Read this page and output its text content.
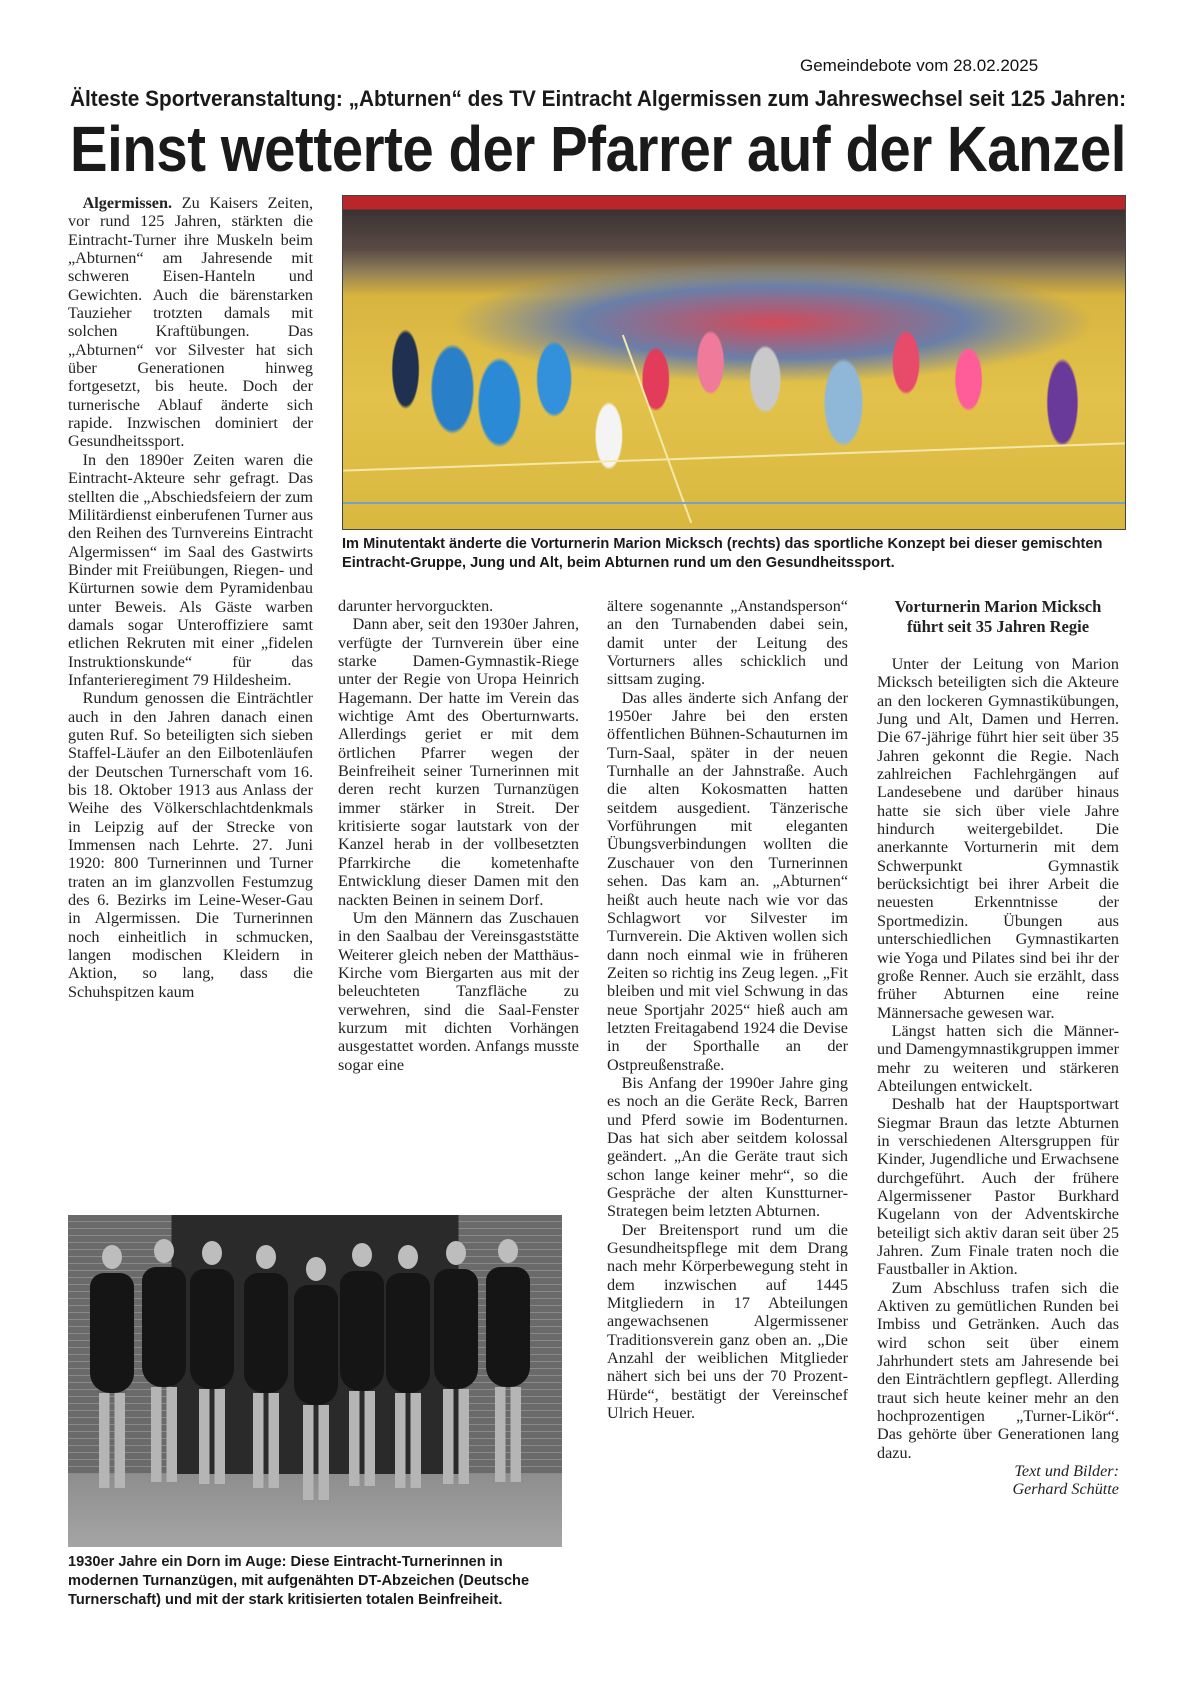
Gemeindebote vom 28.02.2025
Älteste Sportveranstaltung: „Abturnen“ des TV Eintracht Algermissen zum Jahreswechsel seit 125 Jahren:
Einst wetterte der Pfarrer auf der Kanzel

Algermissen. Zu Kaisers Zeiten, vor rund 125 Jahren, stärkten die Eintracht-Turner ihre Muskeln beim „Abturnen“ am Jahresende mit schweren Eisen-Hanteln und Gewichten. Auch die bärenstarken Tauzieher trotzten damals mit solchen Kraftübungen. Das „Abturnen“ vor Silvester hat sich über Generationen hinweg fortgesetzt, bis heute. Doch der turnerische Ablauf änderte sich rapide. Inzwischen dominiert der Gesundheitssport.

In den 1890er Zeiten waren die Eintracht-Akteure sehr gefragt. Das stellten die „Abschiedsfeiern der zum Militärdienst einberufenen Turner aus den Reihen des Turnvereins Eintracht Algermissen“ im Saal des Gastwirts Binder mit Freiübungen, Riegen- und Kürturnen sowie dem Pyramidenbau unter Beweis. Als Gäste warben damals sogar Unteroffiziere samt etlichen Rekruten mit einer „fidelen Instruktionskunde“ für das Infanterieregiment 79 Hildesheim.

Rundum genossen die Einträchtler auch in den Jahren danach einen guten Ruf. So beteiligten sich sieben Staffel-Läufer an den Eilbotenläufen der Deutschen Turnerschaft vom 16. bis 18. Oktober 1913 aus Anlass der Weihe des Völkerschlachtdenkmals in Leipzig auf der Strecke von Immensen nach Lehrte. 27. Juni 1920: 800 Turnerinnen und Turner traten an im glanzvollen Festumzug des 6. Bezirks im Leine-Weser-Gau in Algermissen. Die Turnerinnen noch einheitlich in schmucken, langen modischen Kleidern in Aktion, so lang, dass die Schuhspitzen kaum

Im Minutentakt änderte die Vorturnerin Marion Micksch (rechts) das sportliche Konzept bei dieser gemischten Eintracht-Gruppe, Jung und Alt, beim Abturnen rund um den Gesundheitssport.

darunter hervorguckten.

Dann aber, seit den 1930er Jahren, verfügte der Turnverein über eine starke Damen-Gymnastik-Riege unter der Regie von Uropa Heinrich Hagemann. Der hatte im Verein das wichtige Amt des Oberturnwarts. Allerdings geriet er mit dem örtlichen Pfarrer wegen der Beinfreiheit seiner Turnerinnen mit deren recht kurzen Turnanzügen immer stärker in Streit. Der kritisierte sogar lautstark von der Kanzel herab in der vollbesetzten Pfarrkirche die kometenhafte Entwicklung dieser Damen mit den nackten Beinen in seinem Dorf.

Um den Männern das Zuschauen in den Saalbau der Vereinsgaststätte Weiterer gleich neben der Matthäus-Kirche vom Biergarten aus mit der beleuchteten Tanzfläche zu verwehren, sind die Saal-Fenster kurzum mit dichten Vorhängen ausgestattet worden. Anfangs musste sogar eine

ältere sogenannte „Anstandsperson“ an den Turnabenden dabei sein, damit unter der Leitung des Vorturners alles schicklich und sittsam zuging.

Das alles änderte sich Anfang der 1950er Jahre bei den ersten öffentlichen Bühnen-Schauturnen im Turn-Saal, später in der neuen Turnhalle an der Jahnstraße. Auch die alten Kokosmatten hatten seitdem ausgedient. Tänzerische Vorführungen mit eleganten Übungsverbindungen wollten die Zuschauer von den Turnerinnen sehen. Das kam an. „Abturnen“ heißt auch heute nach wie vor das Schlagwort vor Silvester im Turnverein. Die Aktiven wollen sich dann noch einmal wie in früheren Zeiten so richtig ins Zeug legen. „Fit bleiben und mit viel Schwung in das neue Sportjahr 2025“ hieß auch am letzten Freitagabend 1924 die Devise in der Sporthalle an der Ostpreußenstraße.

Bis Anfang der 1990er Jahre ging es noch an die Geräte Reck, Barren und Pferd sowie im Bodenturnen. Das hat sich aber seitdem kolossal geändert. „An die Geräte traut sich schon lange keiner mehr“, so die Gespräche der alten Kunstturner-Strategen beim letzten Abturnen.

Der Breitensport rund um die Gesundheitspflege mit dem Drang nach mehr Körperbewegung steht in dem inzwischen auf 1445 Mitgliedern in 17 Abteilungen angewachsenen Algermissener Traditionsverein ganz oben an. „Die Anzahl der weiblichen Mitglieder nähert sich bei uns der 70 Prozent-Hürde“, bestätigt der Vereinschef Ulrich Heuer.

Vorturnerin Marion Micksch
führt seit 35 Jahren Regie

Unter der Leitung von Marion Micksch beteiligten sich die Akteure an den lockeren Gymnastikübungen, Jung und Alt, Damen und Herren. Die 67-jährige führt hier seit über 35 Jahren gekonnt die Regie. Nach zahlreichen Fachlehrgängen auf Landesebene und darüber hinaus hatte sie sich über viele Jahre hindurch weitergebildet. Die anerkannte Vorturnerin mit dem Schwerpunkt Gymnastik berücksichtigt bei ihrer Arbeit die neuesten Erkenntnisse der Sportmedizin. Übungen aus unterschiedlichen Gymnastikarten wie Yoga und Pilates sind bei ihr der große Renner. Auch sie erzählt, dass früher Abturnen eine reine Männersache gewesen war.

Längst hatten sich die Männer- und Damengymnastikgruppen immer mehr zu weiteren und stärkeren Abteilungen entwickelt.

Deshalb hat der Hauptsportwart Siegmar Braun das letzte Abturnen in verschiedenen Altersgruppen für Kinder, Jugendliche und Erwachsene durchgeführt. Auch der frühere Algermissener Pastor Burkhard Kugelann von der Adventskirche beteiligt sich aktiv daran seit über 25 Jahren. Zum Finale traten noch die Faustballer in Aktion.

Zum Abschluss trafen sich die Aktiven zu gemütlichen Runden bei Imbiss und Getränken. Auch das wird schon seit über einem Jahrhundert stets am Jahresende bei den Einträchtlern gepflegt. Allerding traut sich heute keiner mehr an den hochprozentigen „Turner-Likör“. Das gehörte über Generationen lang dazu.

Text und Bilder:
Gerhard Schütte

1930er Jahre ein Dorn im Auge: Diese Eintracht-Turnerinnen in modernen Turnanzügen, mit aufgenähten DT-Abzeichen (Deutsche Turnerschaft) und mit der stark kritisierten totalen Beinfreiheit.
